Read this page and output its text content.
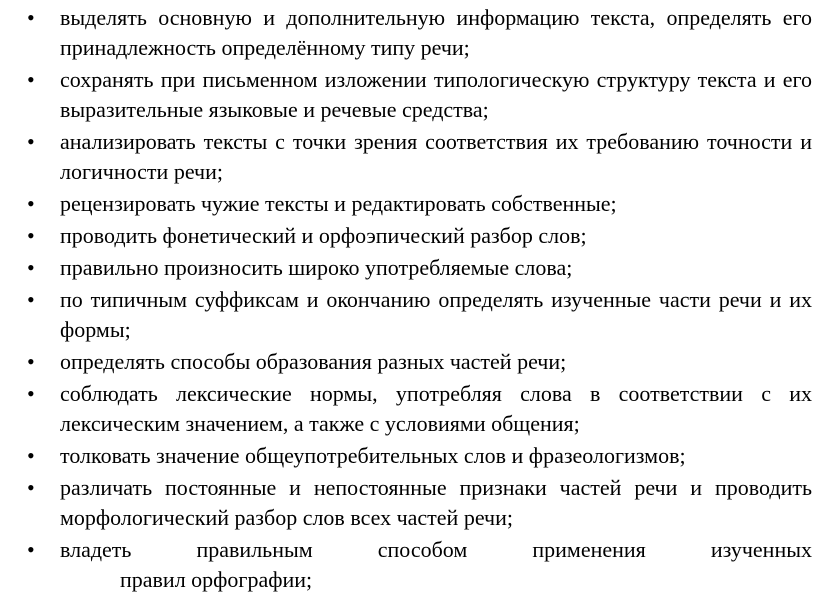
• выделять основную и дополнительную информацию текста, определять его принадлежность определённому типу речи;
• сохранять при письменном изложении типологическую структуру текста и его выразительные языковые и речевые средства;
• анализировать тексты с точки зрения соответствия их требованию точности и логичности речи;
• рецензировать чужие тексты и редактировать собственные;
• проводить фонетический и орфоэпический разбор слов;
• правильно произносить широко употребляемые слова;
• по типичным суффиксам и окончанию определять изученные части речи и их формы;
• определять способы образования разных частей речи;
• соблюдать лексические нормы, употребляя слова в соответствии с их лексическим значением, а также с условиями общения;
• толковать значение общеупотребительных слов и фразеологизмов;
• различать постоянные и непостоянные признаки частей речи и проводить морфологический разбор слов всех частей речи;
• владеть правильным способом применения изученных
правил орфографии;
